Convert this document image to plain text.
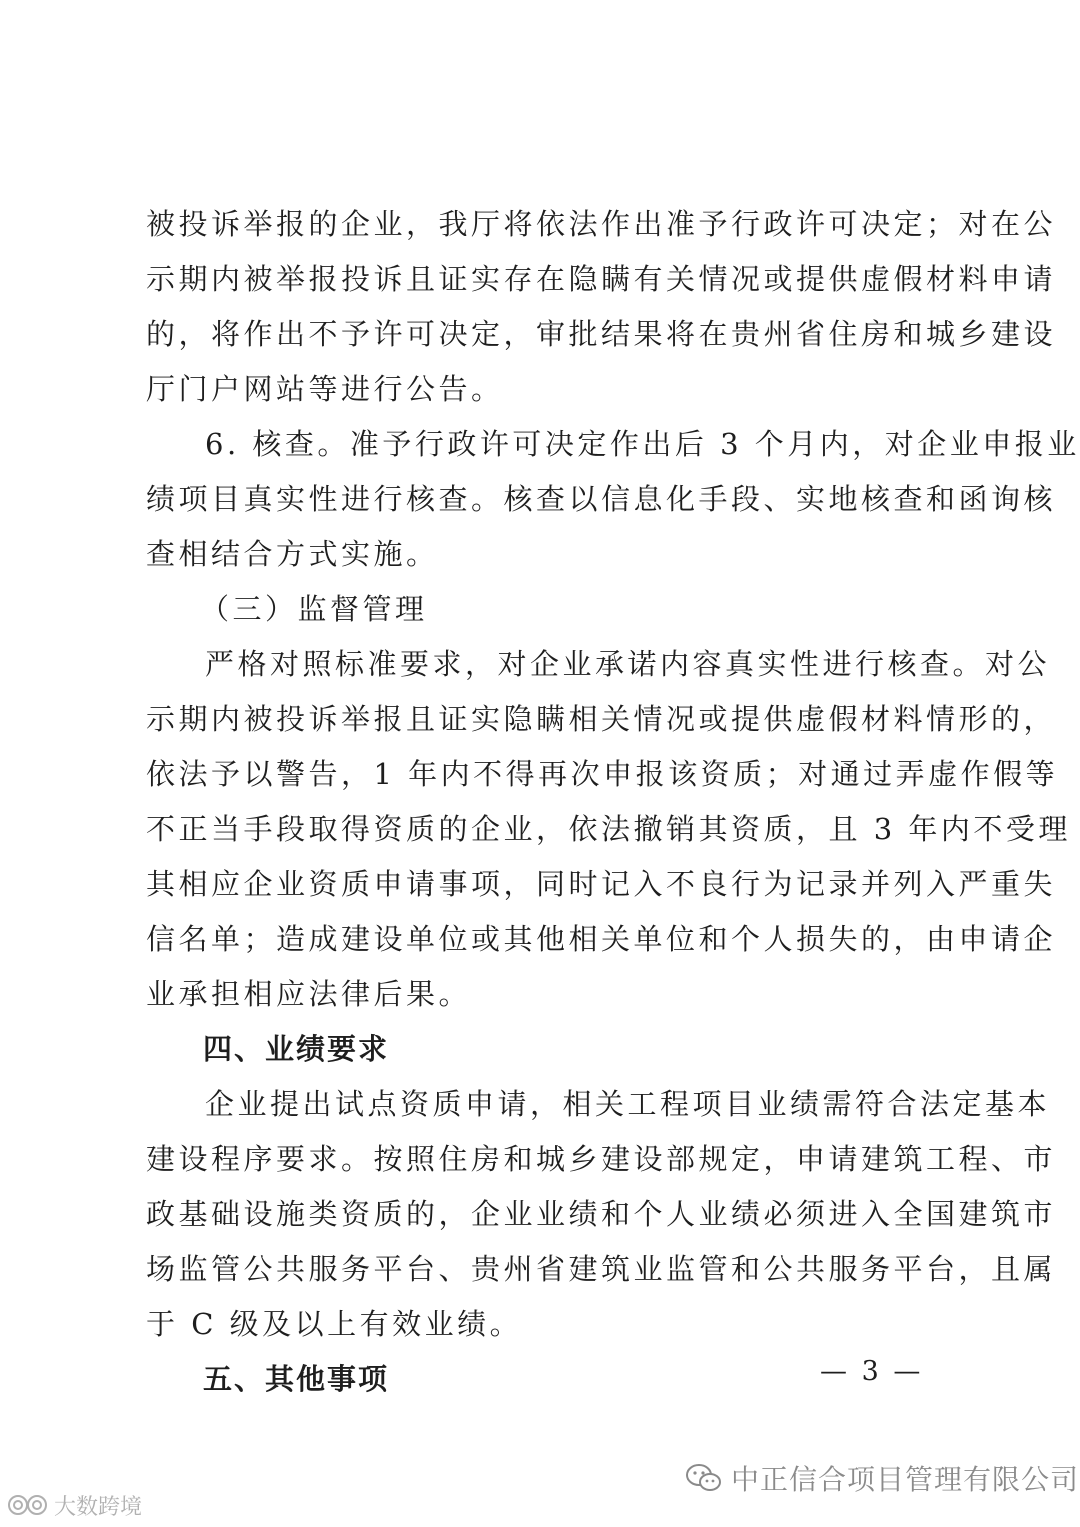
被投诉举报的企业，我厅将依法作出准予行政许可决定；对在公
示期内被举报投诉且证实存在隐瞒有关情况或提供虚假材料申请
的，将作出不予许可决定，审批结果将在贵州省住房和城乡建设
厅门户网站等进行公告。
6. 核查。准予行政许可决定作出后 3 个月内，对企业申报业
绩项目真实性进行核查。核查以信息化手段、实地核查和函询核
查相结合方式实施。
（三）监督管理
严格对照标准要求，对企业承诺内容真实性进行核查。对公
示期内被投诉举报且证实隐瞒相关情况或提供虚假材料情形的，
依法予以警告，1 年内不得再次申报该资质；对通过弄虚作假等
不正当手段取得资质的企业，依法撤销其资质，且 3 年内不受理
其相应企业资质申请事项，同时记入不良行为记录并列入严重失
信名单；造成建设单位或其他相关单位和个人损失的，由申请企
业承担相应法律后果。
四、业绩要求
企业提出试点资质申请，相关工程项目业绩需符合法定基本
建设程序要求。按照住房和城乡建设部规定，申请建筑工程、市
政基础设施类资质的，企业业绩和个人业绩必须进入全国建筑市
场监管公共服务平台、贵州省建筑业监管和公共服务平台，且属
于 C 级及以上有效业绩。
五、其他事项	— 3 —
中正信合项目管理有限公司
大数跨境
